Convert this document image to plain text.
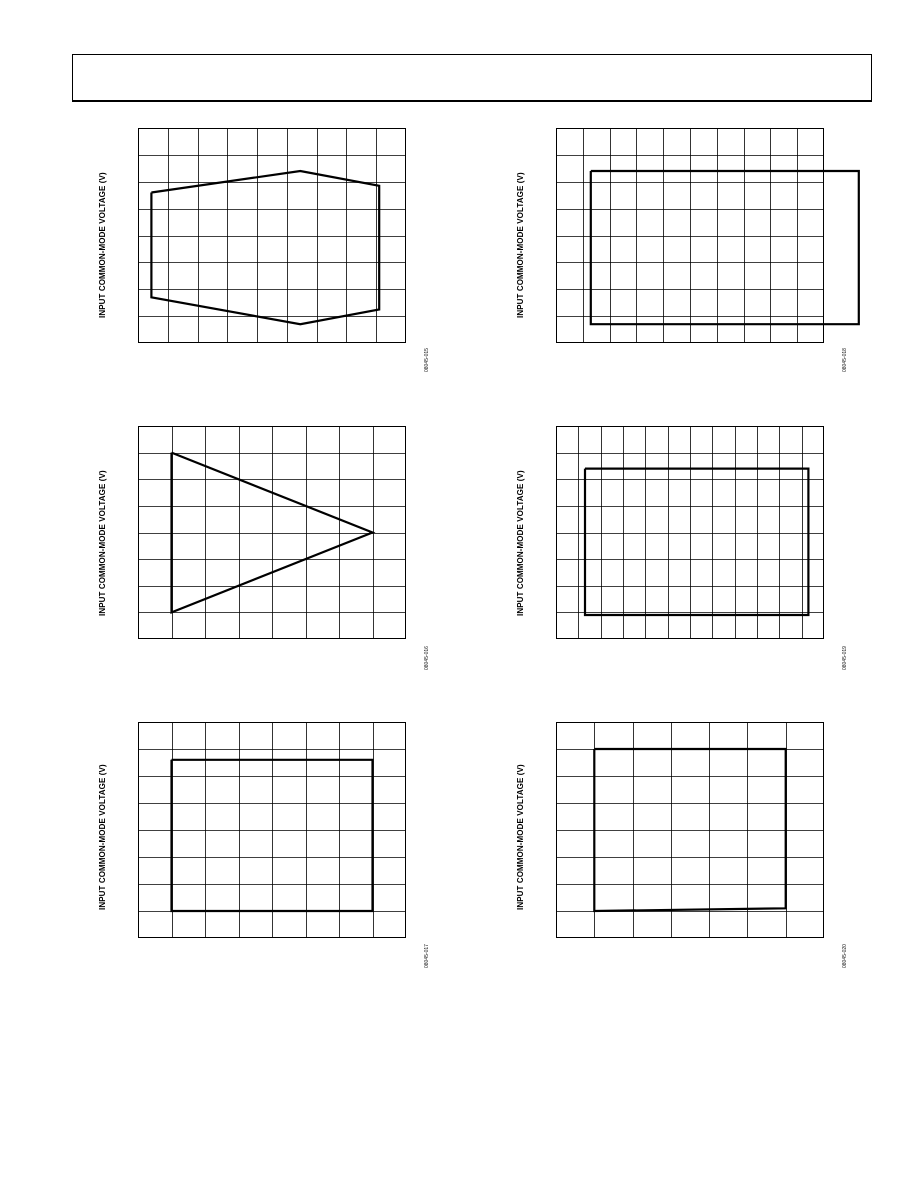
INPUT COMMON-MODE VOLTAGE (V)
08045-015
INPUT COMMON-MODE VOLTAGE (V)
08045-018
INPUT COMMON-MODE VOLTAGE (V)
08045-016
INPUT COMMON-MODE VOLTAGE (V)
08045-019
INPUT COMMON-MODE VOLTAGE (V)
08045-017
INPUT COMMON-MODE VOLTAGE (V)
08045-020
